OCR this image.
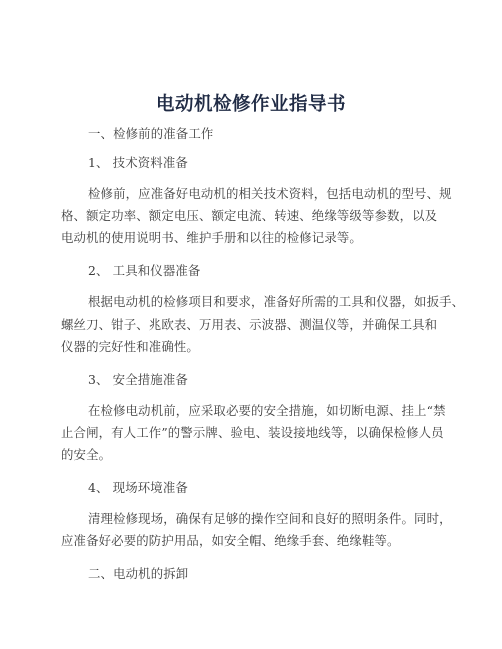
电动机检修作业指导书
一、检修前的准备工作
1、 技术资料准备
检修前，应准备好电动机的相关技术资料，包括电动机的型号、规
格、额定功率、额定电压、额定电流、转速、绝缘等级等参数，以及
电动机的使用说明书、维护手册和以往的检修记录等。
2、 工具和仪器准备
根据电动机的检修项目和要求，准备好所需的工具和仪器，如扳手、
螺丝刀、钳子、兆欧表、万用表、示波器、测温仪等，并确保工具和
仪器的完好性和准确性。
3、 安全措施准备
在检修电动机前，应采取必要的安全措施，如切断电源、挂上“禁
止合闸，有人工作”的警示牌、验电、装设接地线等，以确保检修人员
的安全。
4、 现场环境准备
清理检修现场，确保有足够的操作空间和良好的照明条件。同时，
应准备好必要的防护用品，如安全帽、绝缘手套、绝缘鞋等。
二、电动机的拆卸
